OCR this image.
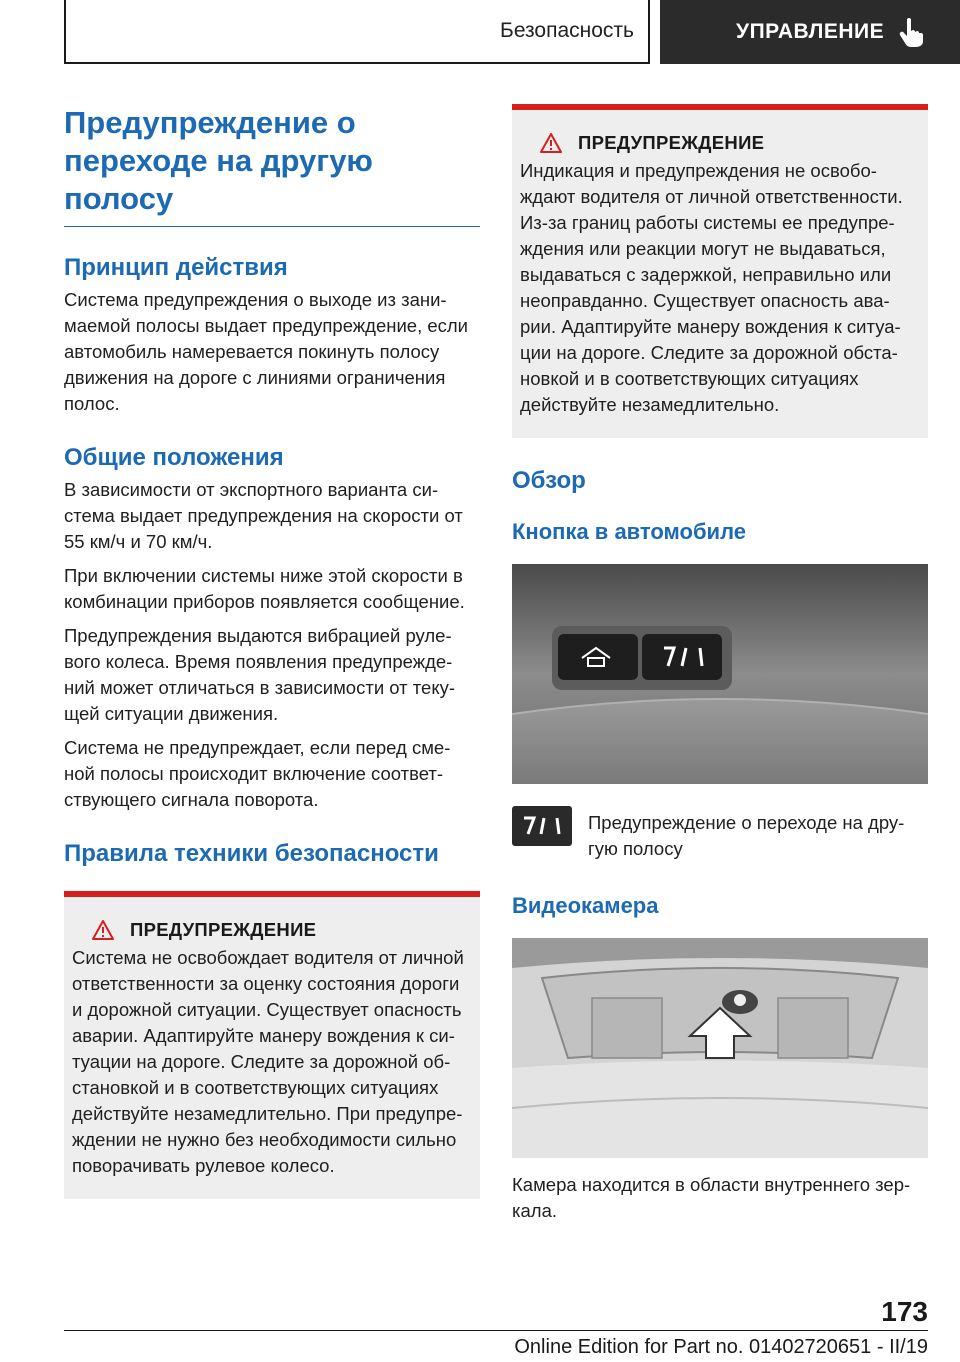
Безопасность	УПРАВЛЕНИЕ
Предупреждение о переходе на другую полосу
Принцип действия

Система предупреждения о выходе из зани-маемой полосы выдает предупреждение, если автомобиль намеревается покинуть полосу движения на дороге с линиями ограничения полос.

Общие положения

В зависимости от экспортного варианта си-стема выдает предупреждения на скорости от 55 км/ч и 70 км/ч.

При включении системы ниже этой скорости в комбинации приборов появляется сообщение.

Предупреждения выдаются вибрацией руле-вого колеса. Время появления предупрежде-ний может отличаться в зависимости от теку-щей ситуации движения.

Система не предупреждает, если перед сме-ной полосы происходит включение соответ-ствующего сигнала поворота.

Правила техники безопасности
ПРЕДУПРЕЖДЕНИЕ

Система не освобождает водителя от личной ответственности за оценку состояния дороги и дорожной ситуации. Существует опасность аварии. Адаптируйте манеру вождения к си-туации на дороге. Следите за дорожной об-становкой и в соответствующих ситуациях действуйте незамедлительно. При предупре-ждении не нужно без необходимости сильно поворачивать рулевое колесо.

ПРЕДУПРЕЖДЕНИЕ

Индикация и предупреждения не освобо-ждают водителя от личной ответственности. Из-за границ работы системы ее предупре-ждения или реакции могут не выдаваться, выдаваться с задержкой, неправильно или неоправданно. Существует опасность ава-рии. Адаптируйте манеру вождения к ситуа-ции на дороге. Следите за дорожной обста-новкой и в соответствующих ситуациях действуйте незамедлительно.

Обзор
Кнопка в автомобиле

Предупреждение о переходе на дру-гую полосу

Видеокамера

Камера находится в области внутреннего зер-кала.

173
Online Edition for Part no. 01402720651 - II/19
